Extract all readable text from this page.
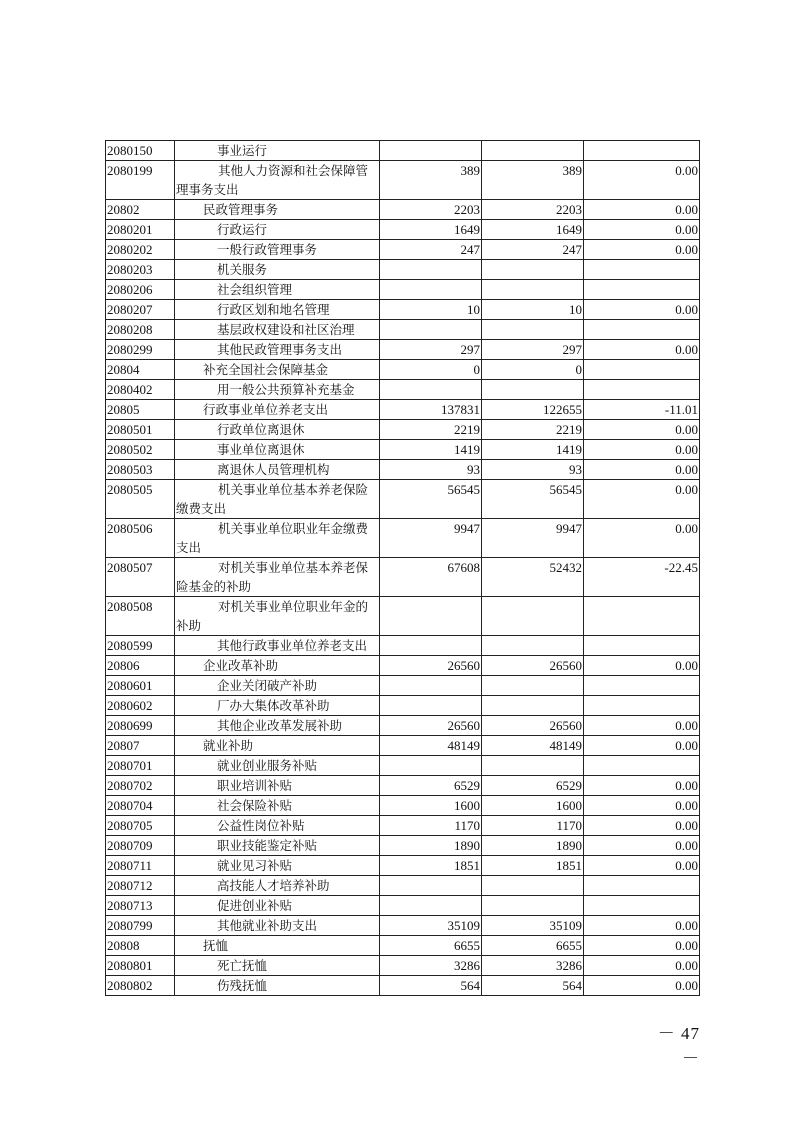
2080150	事业运行			
2080199	其他人力资源和社会保障管理事务支出	389	389	0.00
20802	民政管理事务	2203	2203	0.00
2080201	行政运行	1649	1649	0.00
2080202	一般行政管理事务	247	247	0.00
2080203	机关服务			
2080206	社会组织管理			
2080207	行政区划和地名管理	10	10	0.00
2080208	基层政权建设和社区治理			
2080299	其他民政管理事务支出	297	297	0.00
20804	补充全国社会保障基金	0	0	
2080402	用一般公共预算补充基金			
20805	行政事业单位养老支出	137831	122655	-11.01
2080501	行政单位离退休	2219	2219	0.00
2080502	事业单位离退休	1419	1419	0.00
2080503	离退休人员管理机构	93	93	0.00
2080505	机关事业单位基本养老保险缴费支出	56545	56545	0.00
2080506	机关事业单位职业年金缴费支出	9947	9947	0.00
2080507	对机关事业单位基本养老保险基金的补助	67608	52432	-22.45
2080508	对机关事业单位职业年金的补助			
2080599	其他行政事业单位养老支出			
20806	企业改革补助	26560	26560	0.00
2080601	企业关闭破产补助			
2080602	厂办大集体改革补助			
2080699	其他企业改革发展补助	26560	26560	0.00
20807	就业补助	48149	48149	0.00
2080701	就业创业服务补贴			
2080702	职业培训补贴	6529	6529	0.00
2080704	社会保险补贴	1600	1600	0.00
2080705	公益性岗位补贴	1170	1170	0.00
2080709	职业技能鉴定补贴	1890	1890	0.00
2080711	就业见习补贴	1851	1851	0.00
2080712	高技能人才培养补助			
2080713	促进创业补贴			
2080799	其他就业补助支出	35109	35109	0.00
20808	抚恤	6655	6655	0.00
2080801	死亡抚恤	3286	3286	0.00
2080802	伤残抚恤	564	564	0.00
－ 47 －
